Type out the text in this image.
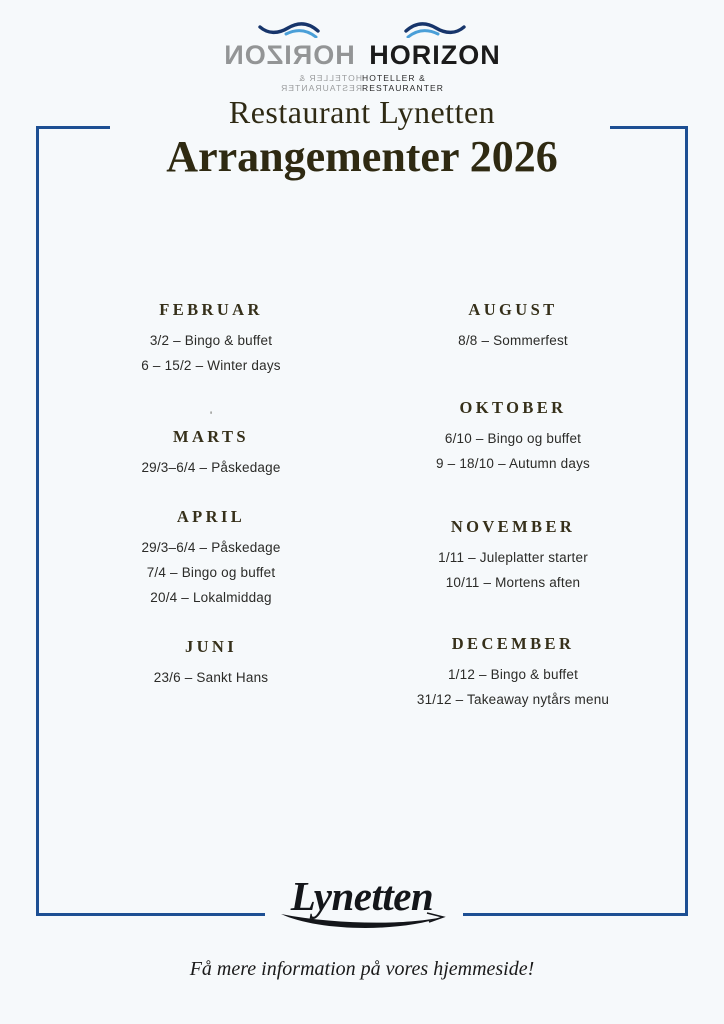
HORIZON
HOTELLER & RESTAURANTER
HORIZON
HOTELLER & RESTAURANTER
Restaurant Lynetten
Arrangementer 2026
FEBRUAR
3/2 – Bingo & buffet
6 – 15/2 – Winter days
'
MARTS
29/3–6/4 – Påskedage
APRIL
29/3–6/4 – Påskedage
7/4 – Bingo og buffet
20/4 – Lokalmiddag
JUNI
23/6 – Sankt Hans
AUGUST
8/8 – Sommerfest
OKTOBER
6/10 – Bingo og buffet
9 – 18/10 – Autumn days
NOVEMBER
1/11 – Juleplatter starter
10/11 – Mortens aften
DECEMBER
1/12 – Bingo & buffet
31/12 – Takeaway nytårs menu
Lynetten
Få mere information på vores hjemmeside!
